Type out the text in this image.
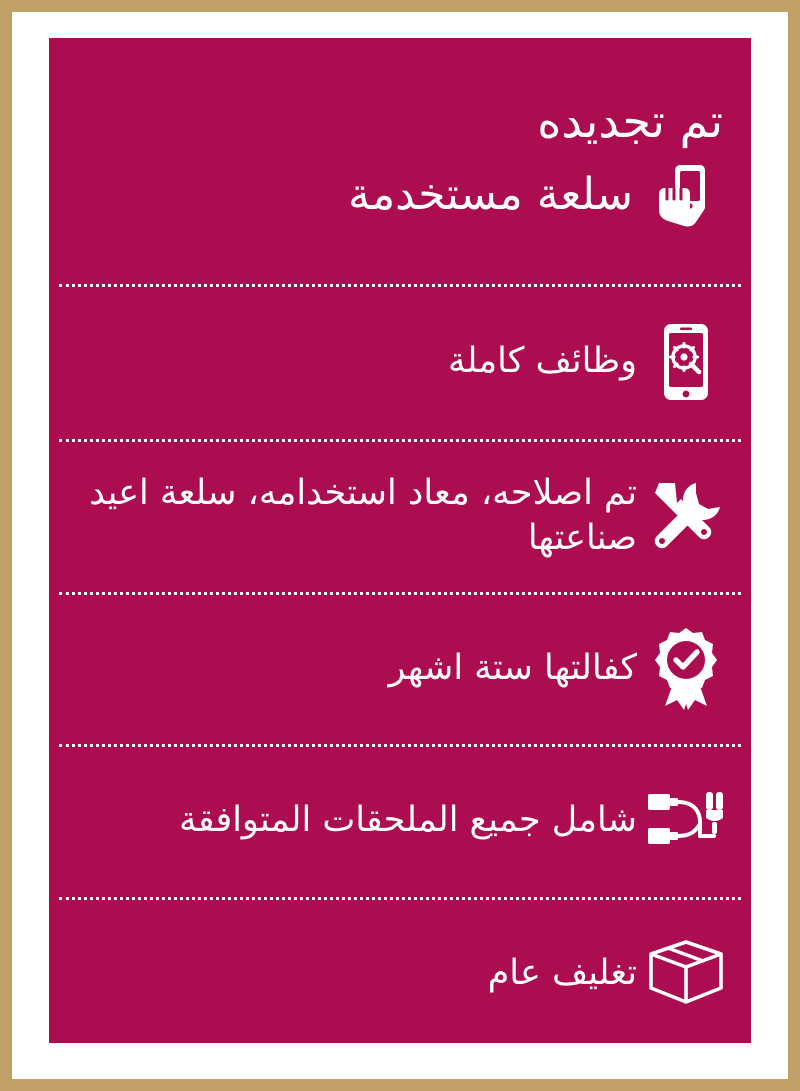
تم تجديده
سلعة مستخدمة
وظائف كاملة
تم اصلاحه، معاد استخدامه، سلعة اعيد صناعتها
كفالتها ستة اشهر
شامل جميع الملحقات المتوافقة
تغليف عام
